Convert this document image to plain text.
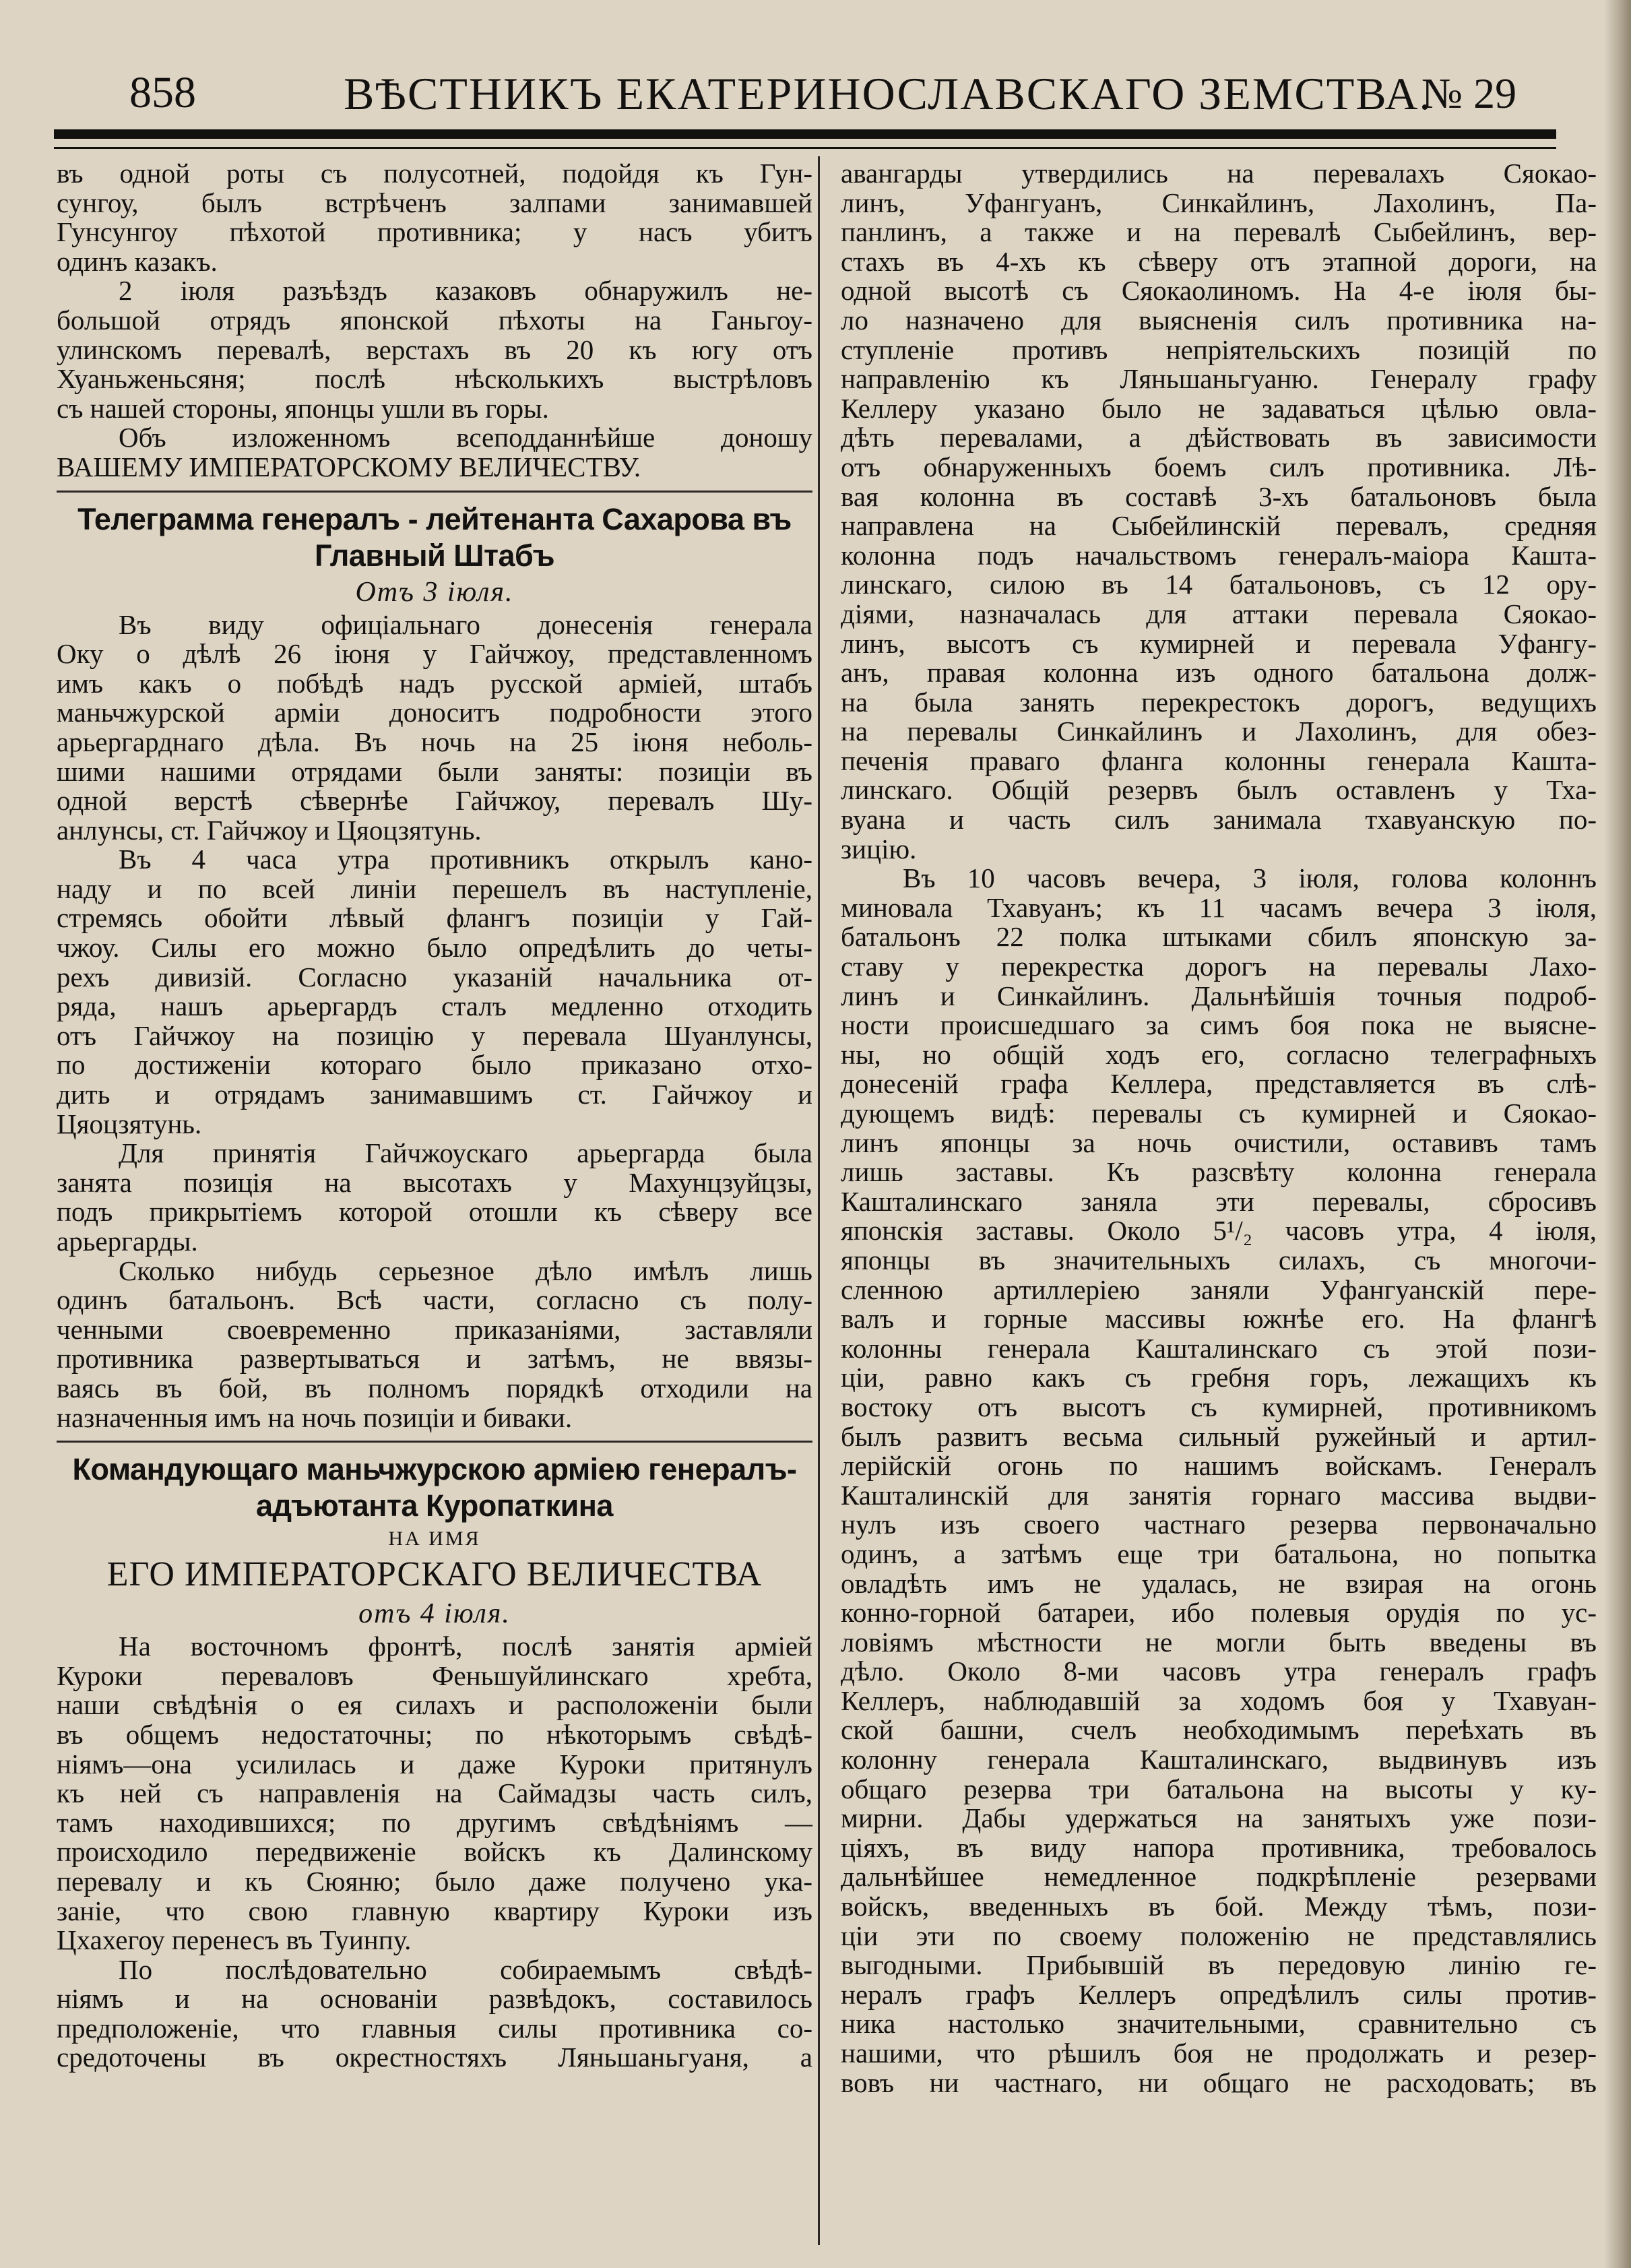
858	ВѢСТНИКЪ ЕКАТЕРИНОСЛАВСКАГО ЗЕМСТВА.
№ 29
въ одной роты съ полусотней, подойдя къ Гун-
сунгоу, былъ встрѣченъ залпами занимавшей
Гунсунгоу пѣхотой противника; у насъ убитъ
одинъ казакъ.
2 іюля разъѣздъ казаковъ обнаружилъ не-
большой отрядъ японской пѣхоты на Ганьгоу-
улинскомъ перевалѣ, верстахъ въ 20 къ югу отъ
Хуаньженьсяня; послѣ нѣсколькихъ выстрѣловъ
съ нашей стороны, японцы ушли въ горы.
Объ изложенномъ всеподданнѣйше доношу
ВАШЕМУ ИМПЕРАТОРСКОМУ ВЕЛИЧЕСТВУ.
Телеграмма генералъ - лейтенанта Сахарова въ
Главный Штабъ
Отъ 3 іюля.
Въ виду офиціальнаго донесенія генерала
Оку о дѣлѣ 26 іюня у Гайчжоу, представленномъ
имъ какъ о побѣдѣ надъ русской арміей, штабъ
маньчжурской арміи доноситъ подробности этого
арьергарднаго дѣла. Въ ночь на 25 іюня неболь-
шими нашими отрядами были заняты: позиціи въ
одной верстѣ сѣвернѣе Гайчжоу, перевалъ Шу-
анлунсы, ст. Гайчжоу и Цяоцзятунь.
Въ 4 часа утра противникъ открылъ кано-
наду и по всей линіи перешелъ въ наступленіе,
стремясь обойти лѣвый флангъ позиціи у Гай-
чжоу. Силы его можно было опредѣлить до четы-
рехъ дивизій. Согласно указаній начальника от-
ряда, нашъ арьергардъ сталъ медленно отходить
отъ Гайчжоу на позицію у перевала Шуанлунсы,
по достиженіи котораго было приказано отхо-
дить и отрядамъ занимавшимъ ст. Гайчжоу и
Цяоцзятунь.
Для принятія Гайчжоускаго арьергарда была
занята позиція на высотахъ у Махунцзуйцзы,
подъ прикрытіемъ которой отошли къ сѣверу все
арьергарды.
Сколько нибудь серьезное дѣло имѣлъ лишь
одинъ батальонъ. Всѣ части, согласно съ полу-
ченными своевременно приказаніями, заставляли
противника развертываться и затѣмъ, не ввязы-
ваясь въ бой, въ полномъ порядкѣ отходили на
назначенныя имъ на ночь позиціи и биваки.
Командующаго маньчжурскою арміею генералъ-
адъютанта Куропаткина
НА ИМЯ
ЕГО ИМПЕРАТОРСКАГО ВЕЛИЧЕСТВА
отъ 4 іюля.
На восточномъ фронтѣ, послѣ занятія арміей
Куроки переваловъ Феньшуйлинскаго хребта,
наши свѣдѣнія о ея силахъ и расположеніи были
въ общемъ недостаточны; по нѣкоторымъ свѣдѣ-
ніямъ—она усилилась и даже Куроки притянулъ
къ ней съ направленія на Саймадзы часть силъ,
тамъ находившихся; по другимъ свѣдѣніямъ —
происходило передвиженіе войскъ къ Далинскому
перевалу и къ Сюяню; было даже получено ука-
заніе, что свою главную квартиру Куроки изъ
Цхахегоу перенесъ въ Туинпу.
По послѣдовательно собираемымъ свѣдѣ-
ніямъ и на основаніи развѣдокъ, составилось
предположеніе, что главныя силы противника со-
средоточены въ окрестностяхъ Ляньшаньгуаня, а
авангарды утвердились на перевалахъ Сяокао-
линъ, Уфангуанъ, Синкайлинъ, Лахолинъ, Па-
панлинъ, а также и на перевалѣ Сыбейлинъ, вер-
стахъ въ 4-хъ къ сѣверу отъ этапной дороги, на
одной высотѣ съ Сяокаолиномъ. На 4-е іюля бы-
ло назначено для выясненія силъ противника на-
ступленіе противъ непріятельскихъ позицій по
направленію къ Ляньшаньгуаню. Генералу графу
Келлеру указано было не задаваться цѣлью овла-
дѣть перевалами, а дѣйствовать въ зависимости
отъ обнаруженныхъ боемъ силъ противника. Лѣ-
вая колонна въ составѣ 3-хъ батальоновъ была
направлена на Сыбейлинскій перевалъ, средняя
колонна подъ начальствомъ генералъ-маіора Кашта-
линскаго, силою въ 14 батальоновъ, съ 12 ору-
діями, назначалась для аттаки перевала Сяокао-
линъ, высотъ съ кумирней и перевала Уфангу-
анъ, правая колонна изъ одного батальона долж-
на была занять перекрестокъ дорогъ, ведущихъ
на перевалы Синкайлинъ и Лахолинъ, для обез-
печенія праваго фланга колонны генерала Кашта-
линскаго. Общій резервъ былъ оставленъ у Тха-
вуана и часть силъ занимала тхавуанскую по-
зицію.
Въ 10 часовъ вечера, 3 іюля, голова колоннъ
миновала Тхавуанъ; къ 11 часамъ вечера 3 іюля,
батальонъ 22 полка штыками сбилъ японскую за-
ставу у перекрестка дорогъ на перевалы Лахо-
линъ и Синкайлинъ. Дальнѣйшія точныя подроб-
ности происшедшаго за симъ боя пока не выяснe-
ны, но общій ходъ его, согласно телеграфныхъ
донесеній графа Келлера, представляется въ слѣ-
дующемъ видѣ: перевалы съ кумирней и Сяокао-
линъ японцы за ночь очистили, оставивъ тамъ
лишь заставы. Къ разсвѣту колонна генерала
Кашталинскаго заняла эти перевалы, сбросивъ
японскія заставы. Около 5¹/₂ часовъ утра, 4 іюля,
японцы въ значительныхъ силахъ, съ многочи-
сленною артиллеріею заняли Уфангуанскій пере-
валъ и горные массивы южнѣе его. На флангѣ
колонны генерала Кашталинскаго съ этой пози-
ціи, равно какъ съ гребня горъ, лежащихъ къ
востоку отъ высотъ съ кумирней, противникомъ
былъ развитъ весьма сильный ружейный и артил-
лерійскій огонь по нашимъ войскамъ. Генералъ
Кашталинскій для занятія горнаго массива выдви-
нулъ изъ своего частнаго резерва первоначально
одинъ, а затѣмъ еще три батальона, но попытка
овладѣть имъ не удалась, не взирая на огонь
конно-горной батареи, ибо полевыя орудія по ус-
ловіямъ мѣстности не могли быть введены въ
дѣло. Около 8-ми часовъ утра генералъ графъ
Келлеръ, наблюдавшій за ходомъ боя у Тхавуан-
ской башни, счелъ необходимымъ переѣхать въ
колонну генерала Кашталинскаго, выдвинувъ изъ
общаго резерва три батальона на высоты у ку-
мирни. Дабы удержаться на занятыхъ уже пози-
ціяхъ, въ виду напора противника, требовалось
дальнѣйшее немедленное подкрѣпленіе резервами
войскъ, введенныхъ въ бой. Между тѣмъ, пози-
ціи эти по своему положенію не представлялись
выгодными. Прибывшій въ передовую линію ге-
нералъ графъ Келлеръ опредѣлилъ силы против-
ника настолько значительными, сравнительно съ
нашими, что рѣшилъ боя не продолжать и резер-
вовъ ни частнаго, ни общаго не расходовать; въ
